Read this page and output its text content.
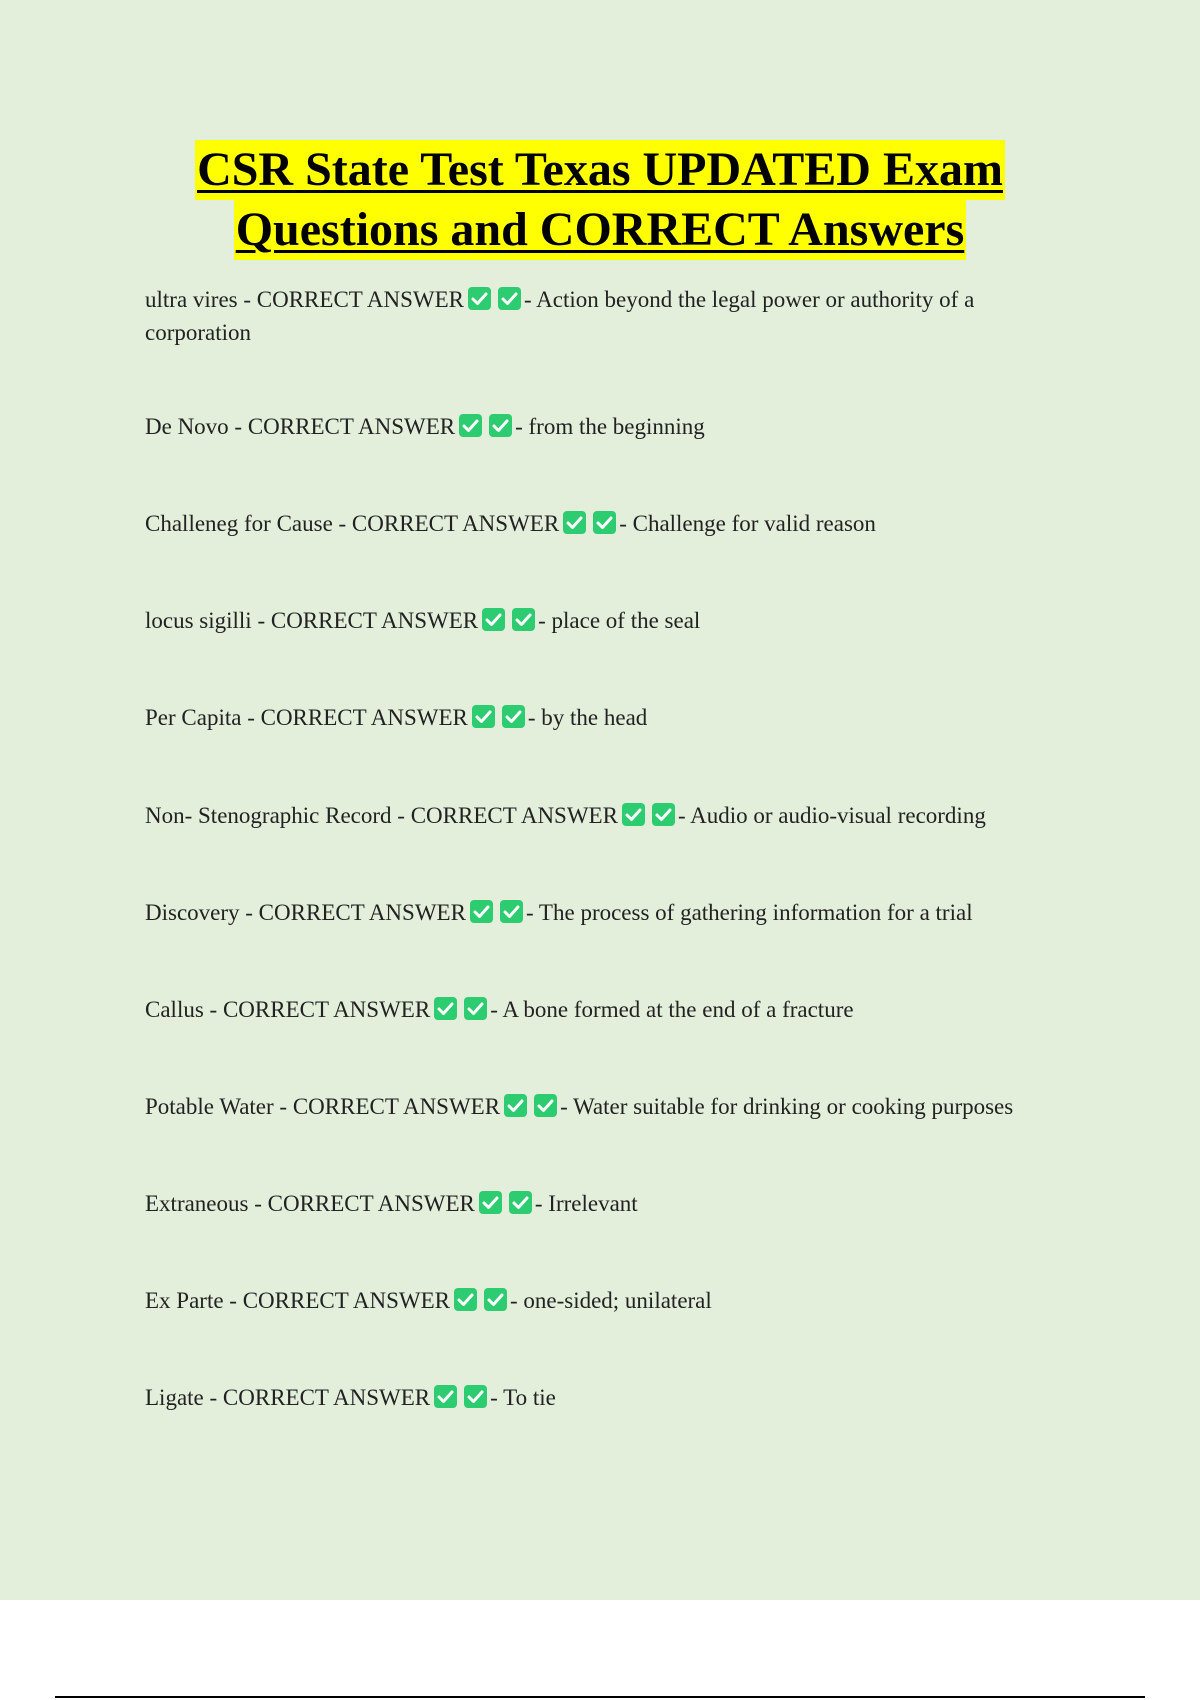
CSR State Test Texas UPDATED Exam
Questions and CORRECT Answers
ultra vires - CORRECT ANSWER	- Action beyond the legal power or authority of a corporation
De Novo - CORRECT ANSWER	- from the beginning
Challeneg for Cause - CORRECT ANSWER	- Challenge for valid reason
locus sigilli - CORRECT ANSWER	- place of the seal
Per Capita - CORRECT ANSWER	- by the head
Non- Stenographic Record - CORRECT ANSWER	- Audio or audio-visual recording
Discovery - CORRECT ANSWER	- The process of gathering information for a trial
Callus - CORRECT ANSWER	- A bone formed at the end of a fracture
Potable Water - CORRECT ANSWER	- Water suitable for drinking or cooking purposes
Extraneous - CORRECT ANSWER	- Irrelevant
Ex Parte - CORRECT ANSWER	- one-sided; unilateral
Ligate - CORRECT ANSWER	- To tie
